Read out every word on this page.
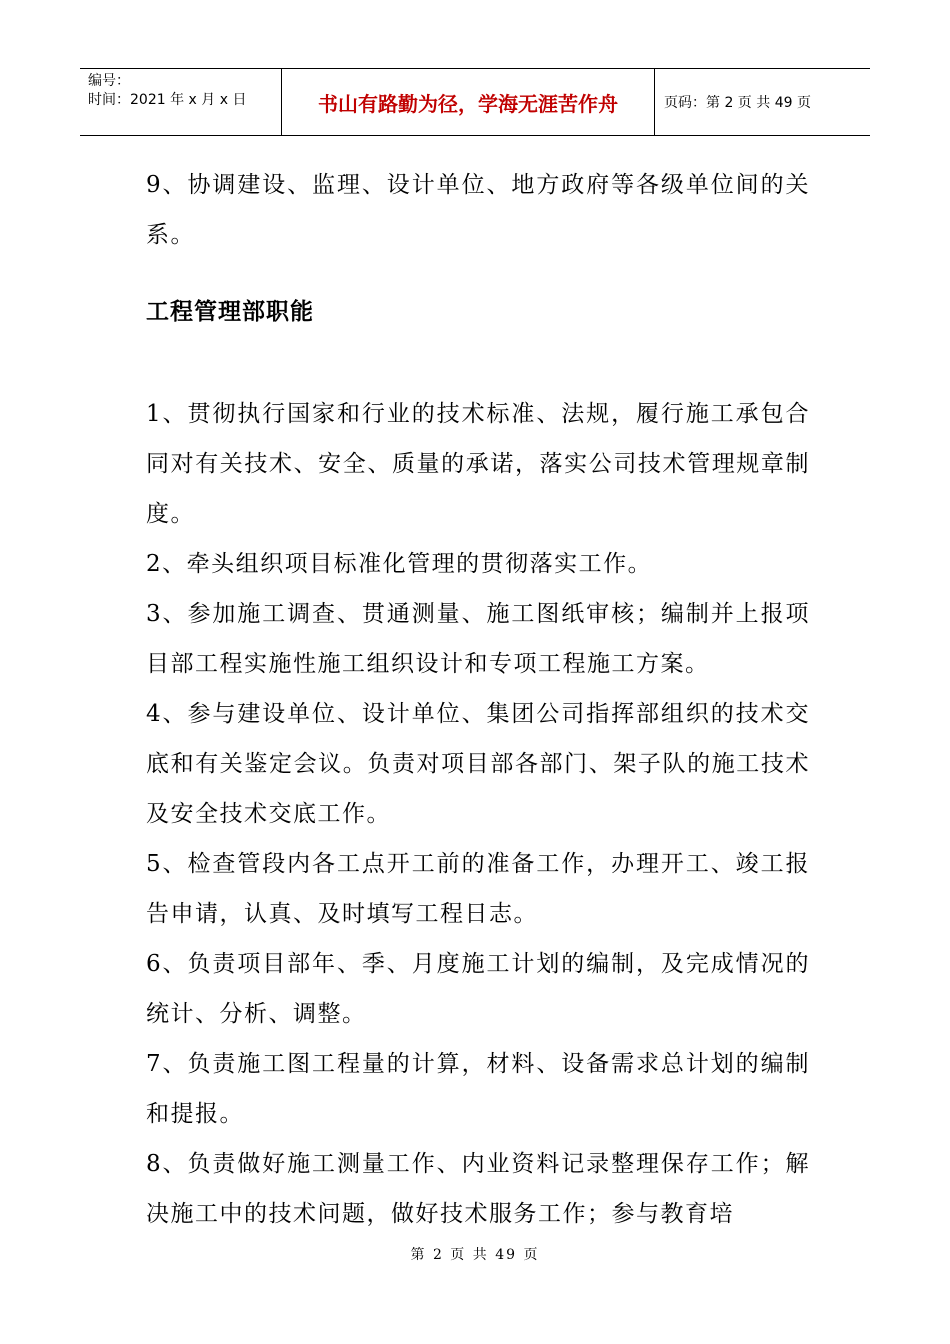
编号：
时间：2021 年 x 月 x 日	书山有路勤为径，学海无涯苦作舟	页码：第 2 页 共 49 页

9、协调建设、监理、设计单位、地方政府等各级单位间的关系。

工程管理部职能

1、贯彻执行国家和行业的技术标准、法规，履行施工承包合同对有关技术、安全、质量的承诺，落实公司技术管理规章制度。

2、牵头组织项目标准化管理的贯彻落实工作。

3、参加施工调查、贯通测量、施工图纸审核；编制并上报项目部工程实施性施工组织设计和专项工程施工方案。

4、参与建设单位、设计单位、集团公司指挥部组织的技术交底和有关鉴定会议。负责对项目部各部门、架子队的施工技术及安全技术交底工作。

5、检查管段内各工点开工前的准备工作，办理开工、竣工报告申请，认真、及时填写工程日志。

6、负责项目部年、季、月度施工计划的编制，及完成情况的统计、分析、调整。

7、负责施工图工程量的计算，材料、设备需求总计划的编制和提报。

8、负责做好施工测量工作、内业资料记录整理保存工作；解决施工中的技术问题，做好技术服务工作；参与教育培

第 2 页 共 49 页
